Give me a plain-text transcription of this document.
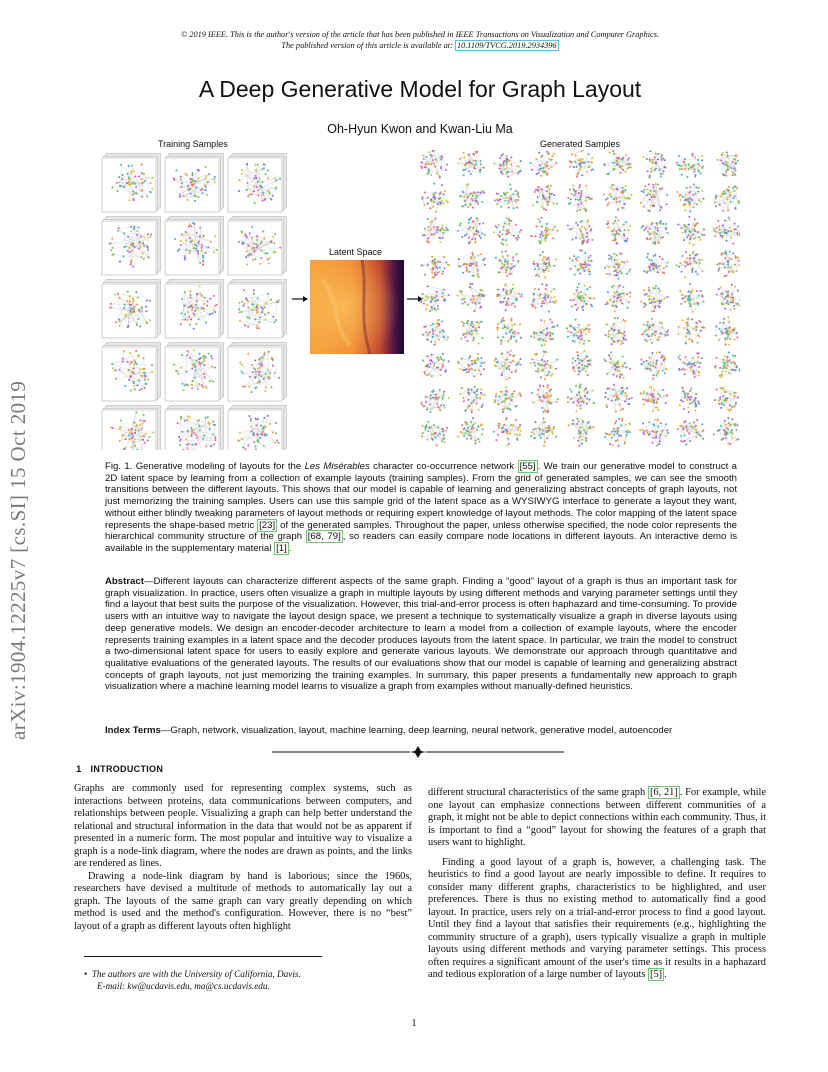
© 2019 IEEE. This is the author's version of the article that has been published in IEEE Transactions on Visualization and Computer Graphics.
The published version of this article is available at: 10.1109/TVCG.2019.2934396
A Deep Generative Model for Graph Layout
Oh-Hyun Kwon and Kwan-Liu Ma
arXiv:1904.12225v7 [cs.SI] 15 Oct 2019
Training Samples
Latent Space
Generated Samples
Fig. 1. Generative modeling of layouts for the Les Misérables character co-occurrence network [55] . We train our generative model to construct a 2D latent space by learning from a collection of example layouts (training samples). From the grid of generated samples, we can see the smooth transitions between the different layouts. This shows that our model is capable of learning and generalizing abstract concepts of graph layouts, not just memorizing the training samples. Users can use this sample grid of the latent space as a WYSIWYG interface to generate a layout they want, without either blindly tweaking parameters of layout methods or requiring expert knowledge of layout methods. The color mapping of the latent space represents the shape-based metric [23] of the generated samples. Throughout the paper, unless otherwise specified, the node color represents the hierarchical community structure of the graph [68, 79] , so readers can easily compare node locations in different layouts. An interactive demo is available in the supplementary material [1] .
Abstract—Different layouts can characterize different aspects of the same graph. Finding a “good” layout of a graph is thus an important task for graph visualization. In practice, users often visualize a graph in multiple layouts by using different methods and varying parameter settings until they find a layout that best suits the purpose of the visualization. However, this trial-and-error process is often haphazard and time-consuming. To provide users with an intuitive way to navigate the layout design space, we present a technique to systematically visualize a graph in diverse layouts using deep generative models. We design an encoder-decoder architecture to learn a model from a collection of example layouts, where the encoder represents training examples in a latent space and the decoder produces layouts from the latent space. In particular, we train the model to construct a two-dimensional latent space for users to easily explore and generate various layouts. We demonstrate our approach through quantitative and qualitative evaluations of the generated layouts. The results of our evaluations show that our model is capable of learning and generalizing abstract concepts of graph layouts, not just memorizing the training examples. In summary, this paper presents a fundamentally new approach to graph visualization where a machine learning model learns to visualize a graph from examples without manually-defined heuristics.
Index Terms—Graph, network, visualization, layout, machine learning, deep learning, neural network, generative model, autoencoder
1 INTRODUCTION

Graphs are commonly used for representing complex systems, such as interactions between proteins, data communications between computers, and relationships between people. Visualizing a graph can help better understand the relational and structural information in the data that would not be as apparent if presented in a numeric form. The most popular and intuitive way to visualize a graph is a node-link diagram, where the nodes are drawn as points, and the links are rendered as lines.

Drawing a node-link diagram by hand is laborious; since the 1960s, researchers have devised a multitude of methods to automatically lay out a graph. The layouts of the same graph can vary greatly depending on which method is used and the method's configuration. However, there is no “best” layout of a graph as different layouts often highlight

•  The authors are with the University of California, Davis.
E-mail: kw@ucdavis.edu, ma@cs.ucdavis.edu.

different structural characteristics of the same graph [6, 21] . For example, while one layout can emphasize connections between different communities of a graph, it might not be able to depict connections within each community. Thus, it is important to find a “good” layout for showing the features of a graph that users want to highlight.

Finding a good layout of a graph is, however, a challenging task. The heuristics to find a good layout are nearly impossible to define. It requires to consider many different graphs, characteristics to be highlighted, and user preferences. There is thus no existing method to automatically find a good layout. In practice, users rely on a trial-and-error process to find a good layout. Until they find a layout that satisfies their requirements (e.g., highlighting the community structure of a graph), users typically visualize a graph in multiple layouts using different methods and varying parameter settings. This process often requires a significant amount of the user's time as it results in a haphazard and tedious exploration of a large number of layouts [5] .

1
